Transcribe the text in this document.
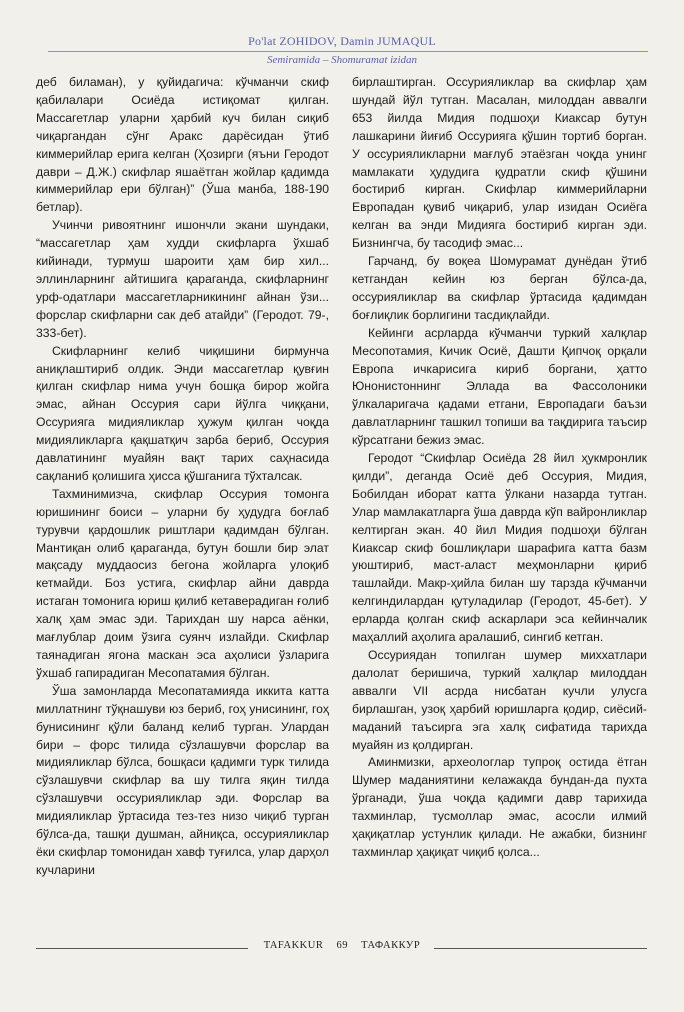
Po'lat ZOHIDOV, Damin JUMAQUL
Semiramida – Shomuramat izidan

деб биламан), у қуйидагича: кўчманчи скиф қабилалари Осиёда истиқомат қилган. Массагетлар уларни ҳарбий куч билан сиқиб чиқаргандан сўнг Аракс дарёсидан ўтиб киммерийлар ерига келган (Ҳозирги (яъни Геродот даври – Д.Ж.) скифлар яшаётган жойлар қадимда киммерийлар ери бўлган)” (Ўша манба, 188-190 бетлар).

Учинчи ривоятнинг ишончли экани шундаки, “массагетлар ҳам худди скифларга ўхшаб кийинади, турмуш шароити ҳам бир хил... эллинларнинг айтишига қараганда, скифларнинг урф-одатлари массагетларникининг айнан ўзи... форслар скифларни сак деб атайди” (Геродот. 79-, 333-бет).

Скифларнинг келиб чиқишини бирмунча аниқлаштириб олдик. Энди массагетлар қувғин қилган скифлар нима учун бошқа бирор жойга эмас, айнан Оссурия сари йўлга чиққани, Оссурияга мидияликлар ҳужум қилган чоқда мидияликларга қақшатқич зарба бериб, Оссурия давлатининг муайян вақт тарих саҳнасида сақланиб қолишига ҳисса қўшганига тўхталсак.

Тахминимизча, скифлар Оссурия томонга юришининг боиси – уларни бу ҳудудга боғлаб турувчи қардошлик риштлари қадимдан бўлган. Мантиқан олиб қараганда, бутун бошли бир элат мақсаду муддаосиз бегона жойларга улоқиб кетмайди. Боз устига, скифлар айни даврда истаган томонига юриш қилиб кетаверадиган ғолиб халқ ҳам эмас эди. Тарихдан шу нарса аёнки, мағлублар доим ўзига суянч излайди. Скифлар таянадиган ягона маскан эса аҳолиси ўзларига ўхшаб гапирадиган Месопатамия бўлган.

Ўша замонларда Месопатамияда иккита катта миллатнинг тўқнашуви юз бериб, гоҳ унисининг, гоҳ бунисининг қўли баланд келиб турган. Улардан бири – форс тилида сўзлашувчи форслар ва мидияликлар бўлса, бошқаси қадимги турк тилида сўзлашувчи скифлар ва шу тилга яқин тилда сўзлашувчи оссурияликлар эди. Форслар ва мидияликлар ўртасида тез-тез низо чиқиб турган бўлса-да, ташқи душман, айниқса, оссурияликлар ёки скифлар томонидан хавф туғилса, улар дарҳол кучларини

бирлаштирган. Оссурияликлар ва скифлар ҳам шундай йўл тутган. Масалан, милоддан аввалги 653 йилда Мидия подшоҳи Киаксар бутун лашкарини йиғиб Оссурияга қўшин тортиб борган. У оссурияликларни мағлуб этаёзган чоқда унинг мамлакати ҳудудига қудратли скиф қўшини бостириб кирган. Скифлар киммерийларни Европадан қувиб чиқариб, улар изидан Осиёга келган ва энди Мидияга бостириб кирган эди. Бизнингча, бу тасодиф эмас...

Гарчанд, бу воқеа Шомурамат дунёдан ўтиб кетгандан кейин юз берган бўлса-да, оссурияликлар ва скифлар ўртасида қадимдан боғлиқлик борлигини тасдиқлайди.

Кейинги асрларда кўчманчи туркий халқлар Месопотамия, Кичик Осиё, Дашти Қипчоқ орқали Европа ичкарисига кириб боргани, ҳатто Юнонистоннинг Эллада ва Фассолоники ўлкаларигача қадами етгани, Европадаги баъзи давлатларнинг ташкил топиши ва тақдирига таъсир кўрсатгани бежиз эмас.

Геродот “Скифлар Осиёда 28 йил ҳукмронлик қилди”, деганда Осиё деб Оссурия, Мидия, Бобилдан иборат катта ўлкани назарда тутган. Улар мамлакатларга ўша даврда кўп вайронликлар келтирган экан. 40 йил Мидия подшоҳи бўлган Киаксар скиф бошлиқлари шарафига катта базм уюштириб, маст-аласт меҳмонларни қириб ташлайди. Макр-ҳийла билан шу тарзда кўчманчи келгиндилардан қутуладилар (Геродот, 45-бет). У ерларда қолган скиф аскарлари эса кейинчалик маҳаллий аҳолига аралашиб, сингиб кетган.

Оссуриядан топилган шумер миххатлари далолат беришича, туркий халқлар милоддан аввалги VII асрда нисбатан кучли улусга бирлашган, узоқ ҳарбий юришларга қодир, сиёсий-маданий таъсирга эга халқ сифатида тарихда муайян из қолдирган.

Аминмизки, археологлар тупроқ остида ётган Шумер маданиятини келажакда бундан-да пухта ўрганади, ўша чоқда қадимги давр тарихида тахминлар, тусмоллар эмас, асосли илмий ҳақиқатлар устунлик қилади. Не ажабки, бизнинг тахминлар ҳақиқат чиқиб қолса...

TAFAKKUR 69 ТАФАККУР
